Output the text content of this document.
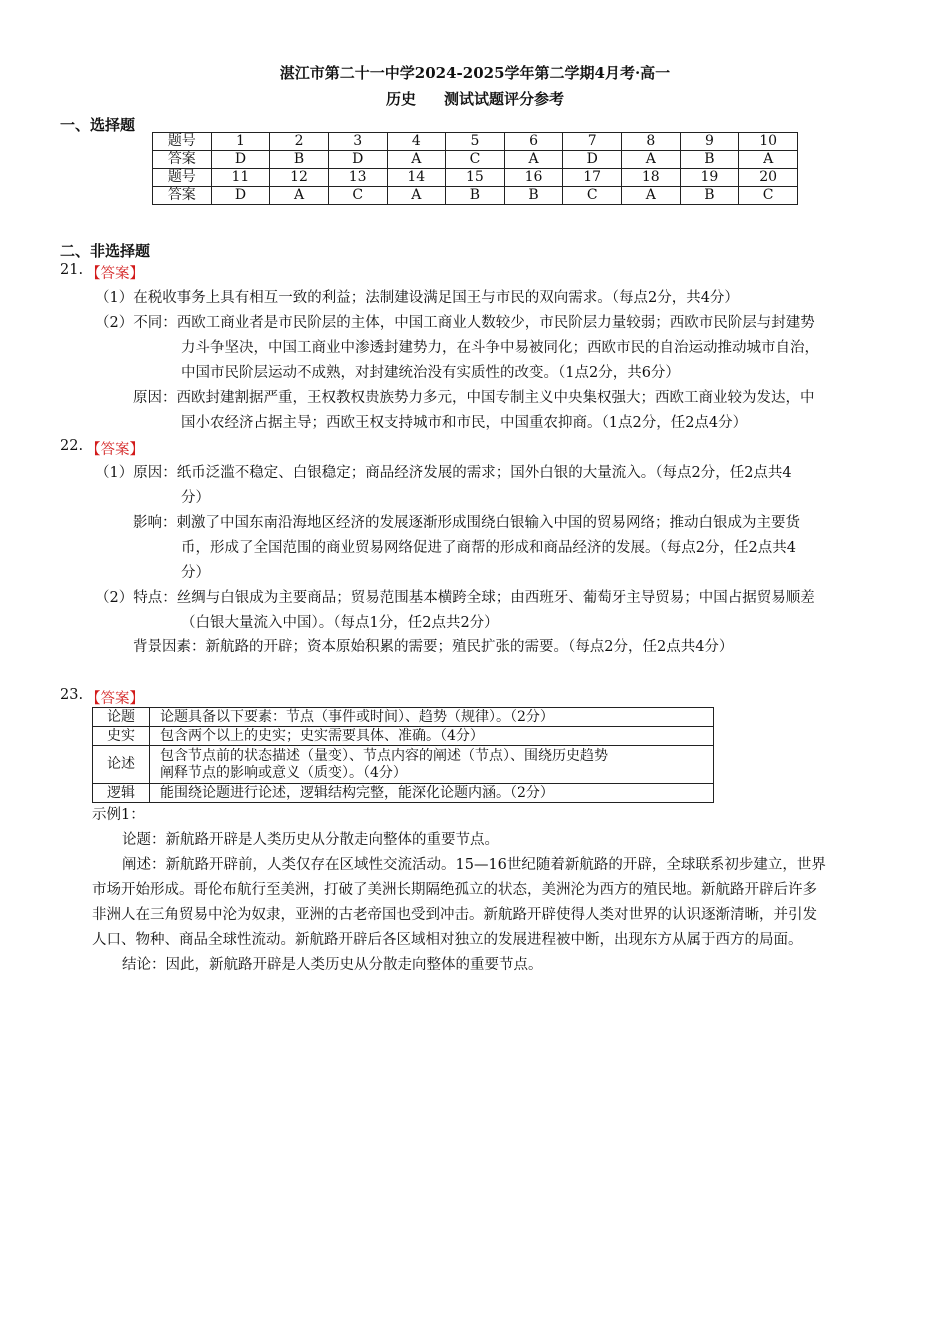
湛江市第二十一中学2024-2025学年第二学期4月考·高一
历史 测试试题评分参考
一、选择题
题号	1	2	3	4	5	6	7	8	9	10
答案	D	B	D	A	C	A	D	A	B	A
题号	11	12	13	14	15	16	17	18	19	20
答案	D	A	C	A	B	B	C	A	B	C
二、非选择题
21. 【答案】
（1）在税收事务上具有相互一致的利益；法制建设满足国王与市民的双向需求。（每点2分，共4分）
（2）不同：西欧工商业者是市民阶层的主体，中国工商业人数较少，市民阶层力量较弱；西欧市民阶层与封建势
力斗争坚决，中国工商业中渗透封建势力，在斗争中易被同化；西欧市民的自治运动推动城市自治，
中国市民阶层运动不成熟，对封建统治没有实质性的改变。（1点2分，共6分）
原因：西欧封建割据严重，王权教权贵族势力多元，中国专制主义中央集权强大；西欧工商业较为发达，中
国小农经济占据主导；西欧王权支持城市和市民，中国重农抑商。（1点2分，任2点4分）
22. 【答案】
（1）原因：纸币泛滥不稳定、白银稳定；商品经济发展的需求；国外白银的大量流入。（每点2分，任2点共4
分）
影响：刺激了中国东南沿海地区经济的发展逐渐形成围绕白银输入中国的贸易网络；推动白银成为主要货
币，形成了全国范围的商业贸易网络促进了商帮的形成和商品经济的发展。（每点2分，任2点共4
分）
（2）特点：丝绸与白银成为主要商品；贸易范围基本横跨全球；由西班牙、葡萄牙主导贸易；中国占据贸易顺差
（白银大量流入中国）。（每点1分，任2点共2分）
背景因素：新航路的开辟；资本原始积累的需要；殖民扩张的需要。（每点2分，任2点共4分）
23. 【答案】
论题	论题具备以下要素：节点（事件或时间）、趋势（规律）。（2分）
史实	包含两个以上的史实；史实需要具体、准确。（4分）
论述	包含节点前的状态描述（量变）、节点内容的阐述（节点）、围绕历史趋势
阐释节点的影响或意义（质变）。（4分）

逻辑	能围绕论题进行论述，逻辑结构完整，能深化论题内涵。（2分）
示例1：
论题：新航路开辟是人类历史从分散走向整体的重要节点。
阐述：新航路开辟前，人类仅存在区域性交流活动。15—16世纪随着新航路的开辟，全球联系初步建立，世界
市场开始形成。哥伦布航行至美洲，打破了美洲长期隔绝孤立的状态，美洲沦为西方的殖民地。新航路开辟后许多
非洲人在三角贸易中沦为奴隶，亚洲的古老帝国也受到冲击。新航路开辟使得人类对世界的认识逐渐清晰，并引发
人口、物种、商品全球性流动。新航路开辟后各区域相对独立的发展进程被中断，出现东方从属于西方的局面。
结论：因此，新航路开辟是人类历史从分散走向整体的重要节点。
